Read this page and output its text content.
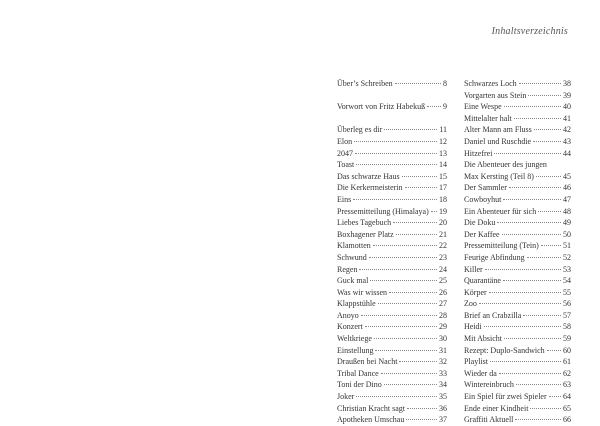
Inhaltsverzeichnis
Über’s Schreiben	8
Vorwort von Fritz Habekuß 9
Überleg es dir	11
Elon	12
2047	13
Toast	14
Das schwarze Haus	15
Die Kerkermeisterin	17
Eins	18
Pressemitteilung (Himalaya) 19
Liebes Tagebuch	20
Boxhagener Platz	21
Klamotten	22
Schwund	23
Regen	24
Guck mal	25
Was wir wissen	26
Klappstühle	27
Anoyo	28
Konzert	29
Weltkriege	30
Einstellung	31
Draußen bei Nacht	32
Tribal Dance	33
Toni der Dino	34
Joker	35
Christian Kracht sagt	36
Apotheken Umschau	37
Schwarzes Loch	38
Vorgarten aus Stein	39
Eine Wespe	40
Mittelalter halt	41
Alter Mann am Fluss	42
Daniel und Ruschdie	43
Hitzefrei	44
Die Abenteuer des jungen
Max Kersting (Teil 8)	45
Der Sammler	46
Cowboyhut	47
Ein Abenteuer für sich	48
Die Doku	49
Der Kaffee	50
Pressemitteilung (Tein)	51
Feurige Abfindung	52
Killer	53
Quarantäne	54
Körper	55
Zoo	56
Brief an Crabzilla	57
Heidi	58
Mit Absicht	59
Rezept: Duplo-Sandwich 60
Playlist	61
Wieder da	62
Wintereinbruch	63
Ein Spiel für zwei Spieler 64
Ende einer Kindheit	65
Graffiti Aktuell	66
